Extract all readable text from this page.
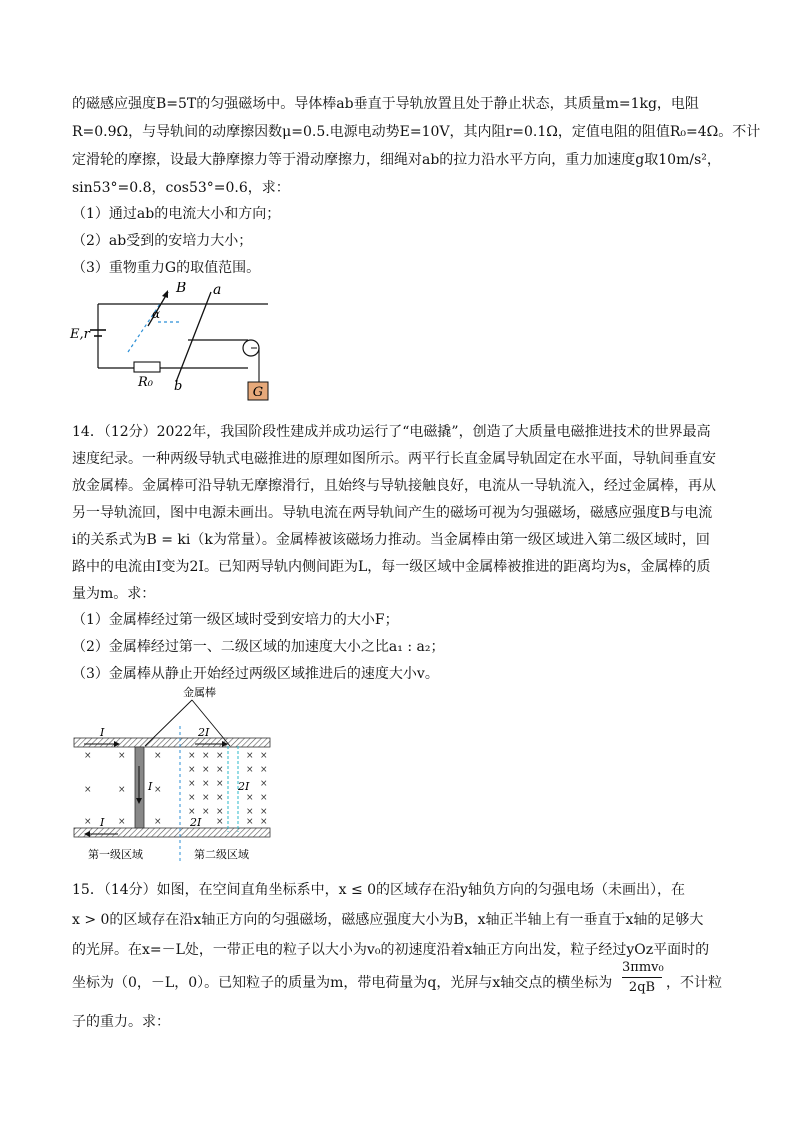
的磁感应强度B=5T的匀强磁场中。导体棒ab垂直于导轨放置且处于静止状态，其质量m=1kg，电阻
R=0.9Ω，与导轨间的动摩擦因数μ=0.5.电源电动势E=10V，其内阻r=0.1Ω，定值电阻的阻值R₀=4Ω。不计
定滑轮的摩擦，设最大静摩擦力等于滑动摩擦力，细绳对ab的拉力沿水平方向，重力加速度g取10m/s²，
sin53°=0.8，cos53°=0.6，求：
（1）通过ab的电流大小和方向；
（2）ab受到的安培力大小；
（3）重物重力G的取值范围。
G
B a
α
E,r
R₀ b
14．（12分）2022年，我国阶段性建成并成功运行了“电磁撬”，创造了大质量电磁推进技术的世界最高
速度纪录。一种两级导轨式电磁推进的原理如图所示。两平行长直金属导轨固定在水平面，导轨间垂直安
放金属棒。金属棒可沿导轨无摩擦滑行，且始终与导轨接触良好，电流从一导轨流入，经过金属棒，再从
另一导轨流回，图中电源未画出。导轨电流在两导轨间产生的磁场可视为匀强磁场，磁感应强度B与电流
i的关系式为B = ki（k为常量）。金属棒被该磁场力推动。当金属棒由第一级区域进入第二级区域时，回
路中的电流由I变为2I。已知两导轨内侧间距为L，每一级区域中金属棒被推进的距离均为s，金属棒的质
量为m。求：
（1）金属棒经过第一级区域时受到安培力的大小F；
（2）金属棒经过第一、二级区域的加速度大小之比a₁ : a₂；
（3）金属棒从静止开始经过两级区域推进后的速度大小v。
金属棒
I	2I
I	2I
I	2I
第一级区域	第二级区域
×	×	×
×	×	×
×	×	×
× × × × ×
× × × × ×
× × ×	×
× × × × ×
× × × × ×
× × ×
15．（14分）如图，在空间直角坐标系中，x ≤ 0的区域存在沿y轴负方向的匀强电场（未画出），在
x > 0的区域存在沿x轴正方向的匀强磁场，磁感应强度大小为B，x轴正半轴上有一垂直于x轴的足够大
的光屏。在x=－L处，一带正电的粒子以大小为v₀的初速度沿着x轴正方向出发，粒子经过yOz平面时的
坐标为（0，－L，0）。已知粒子的质量为m，带电荷量为q，光屏与x轴交点的横坐标为
3πmv₀
2qB ，不计粒
子的重力。求：
